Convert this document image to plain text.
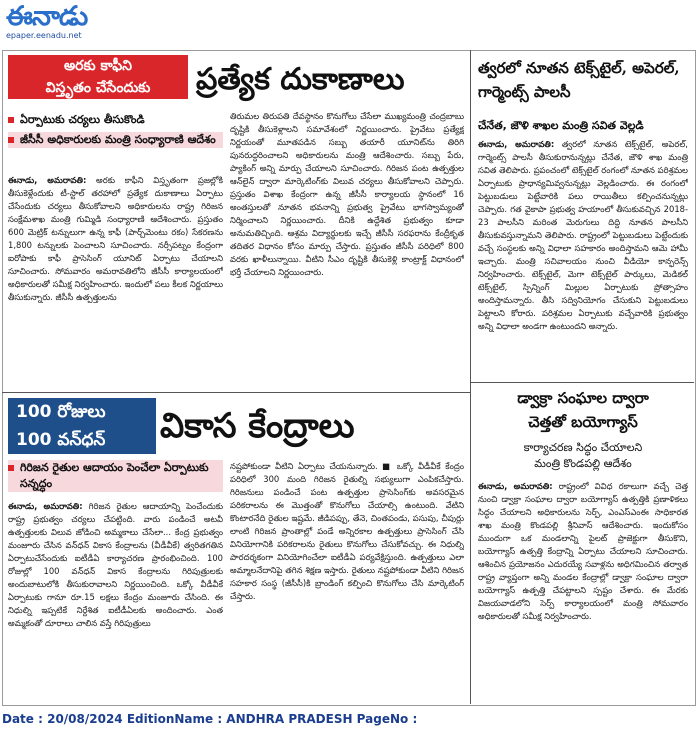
ఈనాడు
epaper.eenadu.net
అరకు కాఫీని
విస్తృతం చేసేందుకు	ప్రత్యేక దుకాణాలు
ఏర్పాటుకు చర్యలు తీసుకొండి
జీసీసీ అధికారులకు మంత్రి సంధ్యారాణి ఆదేశం
ఈనాడు, అమరావతి: అరకు కాఫీని విస్తృతంగా ప్రజల్లోకి తీసుకెళ్లేందుకు టీ-స్టాల్ తరహాలో ప్రత్యేక దుకాణాలు ఏర్పాటు చేసేందుకు చర్యలు తీసుకోవాలని అధికారులను రాష్ట్ర గిరిజన సంక్షేమశాఖ మంత్రి గుమ్మిడి సంధ్యారాణి ఆదేశించారు. ప్రస్తుతం 600 మెట్రిక్ టన్నులుగా ఉన్న కాఫీ (పార్చ్‌మెంటు రకం) సేకరణను 1,800 టన్నులకు పెంచాలని సూచించారు. నర్సీపట్నం కేంద్రంగా ఐరోపాకు కాఫీ ప్రాసెసింగ్ యూనిట్ ఏర్పాటు చేయాలని సూచించారు. సోమవారం అమరావతిలోని జీసీసీ కార్యాలయంలో అధికారులతో సమీక్ష నిర్వహించారు. ఇందులో పలు కీలక నిర్ణయాలు తీసుకున్నారు. జీసీసీ ఉత్పత్తులను
తిరుమల తిరుపతి దేవస్థానం కొనుగోలు చేసేలా ముఖ్యమంత్రి చంద్రబాబు దృష్టికి తీసుకెళ్లాలని సమావేశంలో నిర్ణయించారు. ప్రైవేటు ప్రత్యేక్ష నిర్ణయంతో మూతపడిన సబ్బు తయారీ యూనిట్‌ను తిరిగి పునరుద్ధరించాలని అధికారులను మంత్రి ఆదేశించారు. సబ్బు పేరు, ప్యాకింగ్ అన్ని మార్పు చేయాలని సూచించారు. గిరిజన పంట ఉత్పత్తుల ఆన్‌లైన్ ద్వారా మార్కెటింగ్‌కు విలువ చర్యలు తీసుకోవాలని చెప్పారు. ప్రస్తుతం విశాఖ కేంద్రంగా ఉన్న జీసీసీ కార్యాలయ స్థానంలో 16 అంతస్తులతో నూతన భవనాన్ని ప్రభుత్వ ప్రైవేటు భాగస్వామ్యంతో నిర్మించాలని నిర్ణయించారు. దీనికి ఉద్దేశిత ప్రభుత్వం కూడా అనుమతిచ్చింది. ఆశ్రమ విద్యార్థులకు ఇచ్చే జీసీసీ సరఫరాను కేంద్రీకృత తదితర విధానం కోసం మార్పు చేస్తారు. ప్రస్తుతం జీసీసీ పరిధిలో 800 వరకు ఖాళీలున్నాయి. వీటిని సీఎం దృష్టికి తీసుకెళ్లి కాంట్రాక్ట్ విధానంలో భర్తీ చేయాలని నిర్ణయించారు.
100 రోజులు
100 వన్‌ధన్	వికాస కేంద్రాలు
గిరిజన రైతుల ఆదాయం పెంచేలా ఏర్పాటుకు సన్నద్ధం
ఈనాడు, అమరావతి: గిరిజన రైతుల ఆదాయాన్ని పెంచేందుకు రాష్ట్ర ప్రభుత్వం చర్యలు చేపట్టింది. వారు పండించే అటవీ ఉత్పత్తులకు విలువ జోడించి అమ్మకాలు చేసేలా... కేంద్ర ప్రభుత్వం మంజూరు చేసిన వన్‌ధన్ వికాస కేంద్రాలను (వీడీవీకే) త్వరితగతిన ఏర్పాటుచేసేందుకు ఐటీడీఏ కార్యాచరణ ప్రారంభించింది. 100 రోజుల్లో 100 వన్‌ధన్ వికాస కేంద్రాలను గిరిపుత్రులకు అందుబాటులోకి తీసుకురావాలని నిర్ణయించింది. ఒక్కో వీడీవీకే ఏర్పాటుకు గానూ రూ.15 లక్షలు కేంద్రం మంజూరు చేసింది. ఈ నిధుల్ని ఇప్పటికే నిర్దేశిత ఐటీడీఏలకు అందించారు. ఎంత అమ్మకంతో దూరాలు చాలిన వస్తే గిరిపుత్రులు
నష్టపోకుండా వీటిని ఏర్పాటు చేయనున్నారు. ■ ఒక్కో వీడీవీకే కేంద్రం పరిధిలో 300 మంది గిరిజన రైతుల్ని సభ్యులుగా ఎంపికచేస్తారు. గిరిజనులు పండించే పంట ఉత్పత్తుల ప్రాసెసింగ్‌కు అవసరమైన పరికరాలను ఈ మొత్తంతో కొనుగోలు చేయాల్సి ఉంటుంది. వేటిని కొంటారనేది రైతుల ఇష్టమే. జీడిపప్పు, తేనె, చింతపండు, పసుపు, చీపుర్లు లాంటి గిరిజన ప్రాంతాల్లో పండే అన్నిరకాల ఉత్పత్తులు ప్రాసెసింగ్ చేసి వినియోగానికి పరికరాలను రైతులు కొనుగోలు చేసుకోవచ్చు. ఈ నిధుల్ని పారదర్శకంగా వినియోగించేలా ఐటీడీఏ పర్యవేక్షిస్తుంది. ఉత్పత్తులు ఎలా అమ్మాలనేదానిపై తగిన శిక్షణ ఇస్తారు. రైతులు నష్టపోకుండా వీటిని గిరిజన సహకార సంస్థ (జీసీసీ)కి బ్రాండింగ్ కల్పించి కొనుగోలు చేసి మార్కెటింగ్ చేస్తారు.
త్వరలో నూతన టెక్స్‌టైల్, అపెరల్, గార్మెంట్స్ పాలసీ
చేనేత, జౌళి శాఖల మంత్రి సవిత వెల్లడి
ఈనాడు, అమరావతి: త్వరలో నూతన టెక్స్‌టైల్, అపెరల్, గార్మెంట్స్ పాలసీ తీసుకురానున్నట్లు చేనేత, జౌళి శాఖ మంత్రి సవిత తెలిపారు. ప్రపంచంలో టెక్స్‌టైల్ రంగంలో నూతన పరిశ్రమల ఏర్పాటుకు ప్రాధాన్యమివ్వనున్నట్లు వెల్లడించారు. ఈ రంగంలో పెట్టుబడులు పెట్టేవారికి పలు రాయితీలు కల్పించనున్నట్లు చెప్పారు. గత వైకాపా ప్రభుత్వ హయాంలో తీసుకువచ్చిన 2018-23 పాలసీని మరింత మెరుగులు దిద్ది నూతన పాలసీని తీసుకువస్తున్నామని తెలిపారు. రాష్ట్రంలో పెట్టుబడులు పెట్టేందుకు వచ్చే సంస్థలకు అన్ని విధాలా సహకారం అందిస్తామని ఆమె హామీ ఇచ్చారు. మంత్రి సచివాలయం నుంచి వీడియో కాన్ఫరెన్స్ నిర్వహించారు. టెక్స్‌టైల్, మెగా టెక్స్‌టైల్ పార్కులు, మెడికల్ టెక్స్‌టైల్, స్పిన్నింగ్ మిల్లుల ఏర్పాటుకు ప్రోత్సాహం అందిస్తామన్నారు. తీసి సద్వినియోగం చేసుకుని పెట్టుబడులు పెట్టాలని కోరారు. పరిశ్రమల ఏర్పాటుకు వచ్చేవారికి ప్రభుత్వం అన్ని విధాలా అండగా ఉంటుందని అన్నారు.
డ్వాక్రా సంఘాల ద్వారా
చెత్తతో బయోగ్యాస్
కార్యాచరణ సిద్ధం చేయాలని
మంత్రి కొండపల్లి ఆదేశం
ఈనాడు, అమరావతి: రాష్ట్రంలో వివిధ రకాలుగా వచ్చే చెత్త నుంచి డ్వాక్రా సంఘాల ద్వారా బయోగ్యాస్ ఉత్పత్తికి ప్రణాళికలు సిద్ధం చేయాలని అధికారులను సెర్ప్, ఎంఎస్ఎంఈ సాధికారత శాఖ మంత్రి కొండపల్లి శ్రీనివాస్ ఆదేశించారు. ఇందుకోసం ముందుగా ఒక మండలాన్ని పైలట్ ప్రాజెక్టుగా తీసుకొని, బయోగ్యాస్ ఉత్పత్తి కేంద్రాన్ని ఏర్పాటు చేయాలని సూచించారు. ఆశించిన ప్రయోజనం ఎదురయ్యే సవాళ్లను అధిగమించిన తర్వాత రాష్ట్ర వ్యాప్తంగా అన్ని మండల కేంద్రాల్లో డ్వాక్రా సంఘాల ద్వారా బయోగ్యాస్ ఉత్పత్తి చేపట్టాలని స్పష్టం చేశారు. ఈ మేరకు విజయవాడలోని సెర్ప్ కార్యాలయంలో మంత్రి సోమవారం అధికారులతో సమీక్ష నిర్వహించారు.
Date : 20/08/2024 EditionName : ANDHRA PRADESH PageNo :
